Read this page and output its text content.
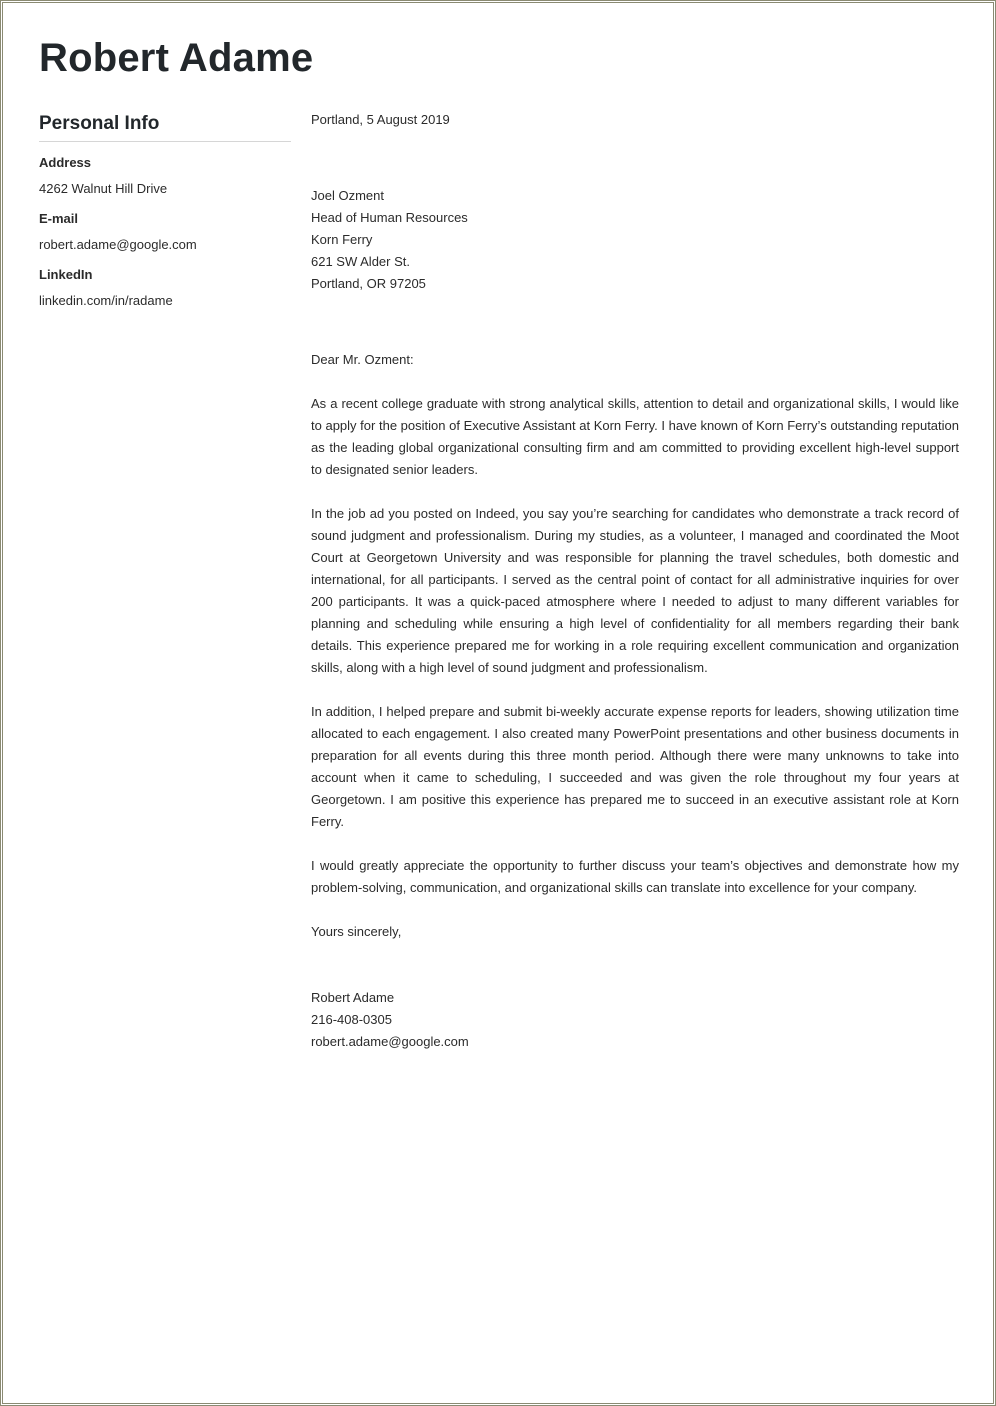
Robert Adame
Personal Info
Address
4262 Walnut Hill Drive
E-mail
robert.adame@google.com
LinkedIn
linkedin.com/in/radame

Portland, 5 August 2019

Joel Ozment
Head of Human Resources
Korn Ferry
621 SW Alder St.
Portland, OR 97205

Dear Mr. Ozment:

As a recent college graduate with strong analytical skills, attention to detail and organizational skills, I would like to apply for the position of Executive Assistant at Korn Ferry. I have known of Korn Ferry’s outstanding reputation as the leading global organizational consulting firm and am committed to providing excellent high-level support to designated senior leaders.

In the job ad you posted on Indeed, you say you’re searching for candidates who demonstrate a track record of sound judgment and professionalism. During my studies, as a volunteer, I managed and coordinated the Moot Court at Georgetown University and was responsible for planning the travel schedules, both domestic and international, for all participants. I served as the central point of contact for all administrative inquiries for over 200 participants. It was a quick-paced atmosphere where I needed to adjust to many different variables for planning and scheduling while ensuring a high level of confidentiality for all members regarding their bank details. This experience prepared me for working in a role requiring excellent communication and organization skills, along with a high level of sound judgment and professionalism.

In addition, I helped prepare and submit bi-weekly accurate expense reports for leaders, showing utilization time allocated to each engagement. I also created many PowerPoint presentations and other business documents in preparation for all events during this three month period. Although there were many unknowns to take into account when it came to scheduling, I succeeded and was given the role throughout my four years at Georgetown. I am positive this experience has prepared me to succeed in an executive assistant role at Korn Ferry.

I would greatly appreciate the opportunity to further discuss your team’s objectives and demonstrate how my problem-solving, communication, and organizational skills can translate into excellence for your company.

Yours sincerely,

Robert Adame
216-408-0305
robert.adame@google.com
